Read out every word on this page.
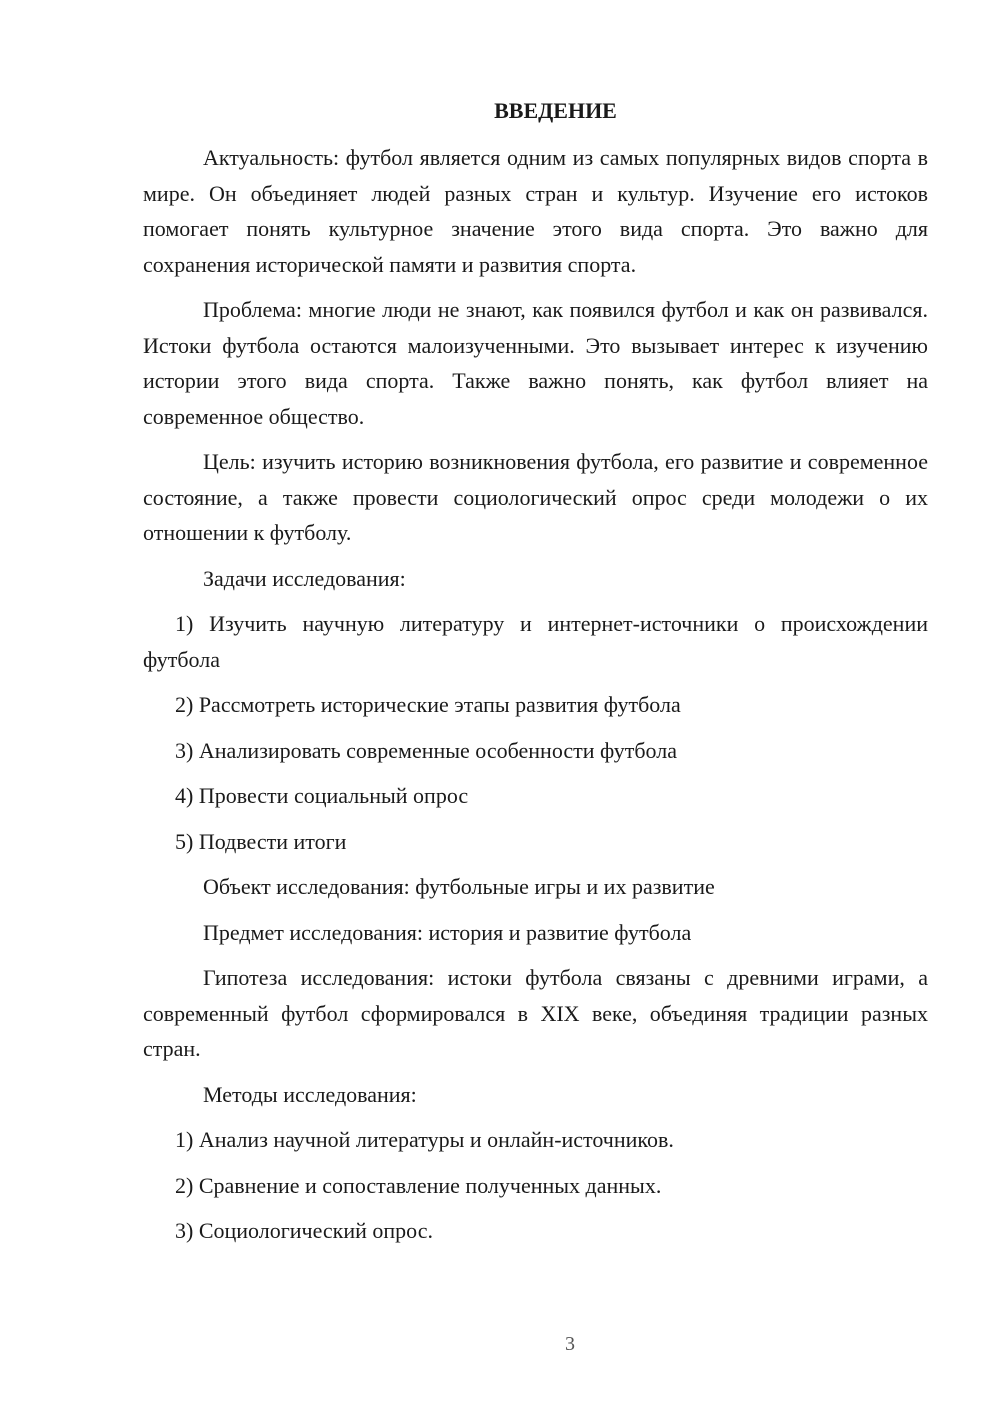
ВВЕДЕНИЕ

Актуальность: футбол является одним из самых популярных видов спорта в мире. Он объединяет людей разных стран и культур. Изучение его истоков помогает понять культурное значение этого вида спорта. Это важно для сохранения исторической памяти и развития спорта.

Проблема: многие люди не знают, как появился футбол и как он развивался. Истоки футбола остаются малоизученными. Это вызывает интерес к изучению истории этого вида спорта. Также важно понять, как футбол влияет на современное общество.

Цель: изучить историю возникновения футбола, его развитие и современное состояние, а также провести социологический опрос среди молодежи о их отношении к футболу.

Задачи исследования:

1) Изучить научную литературу и интернет-источники о происхождении футбола

2) Рассмотреть исторические этапы развития футбола

3) Анализировать современные особенности футбола

4) Провести социальный опрос

5) Подвести итоги

Объект исследования: футбольные игры и их развитие

Предмет исследования: история и развитие футбола

Гипотеза исследования: истоки футбола связаны с древними играми, а современный футбол сформировался в XIX веке, объединяя традиции разных стран.

Методы исследования:

1) Анализ научной литературы и онлайн-источников.

2) Сравнение и сопоставление полученных данных.

3) Социологический опрос.

3
